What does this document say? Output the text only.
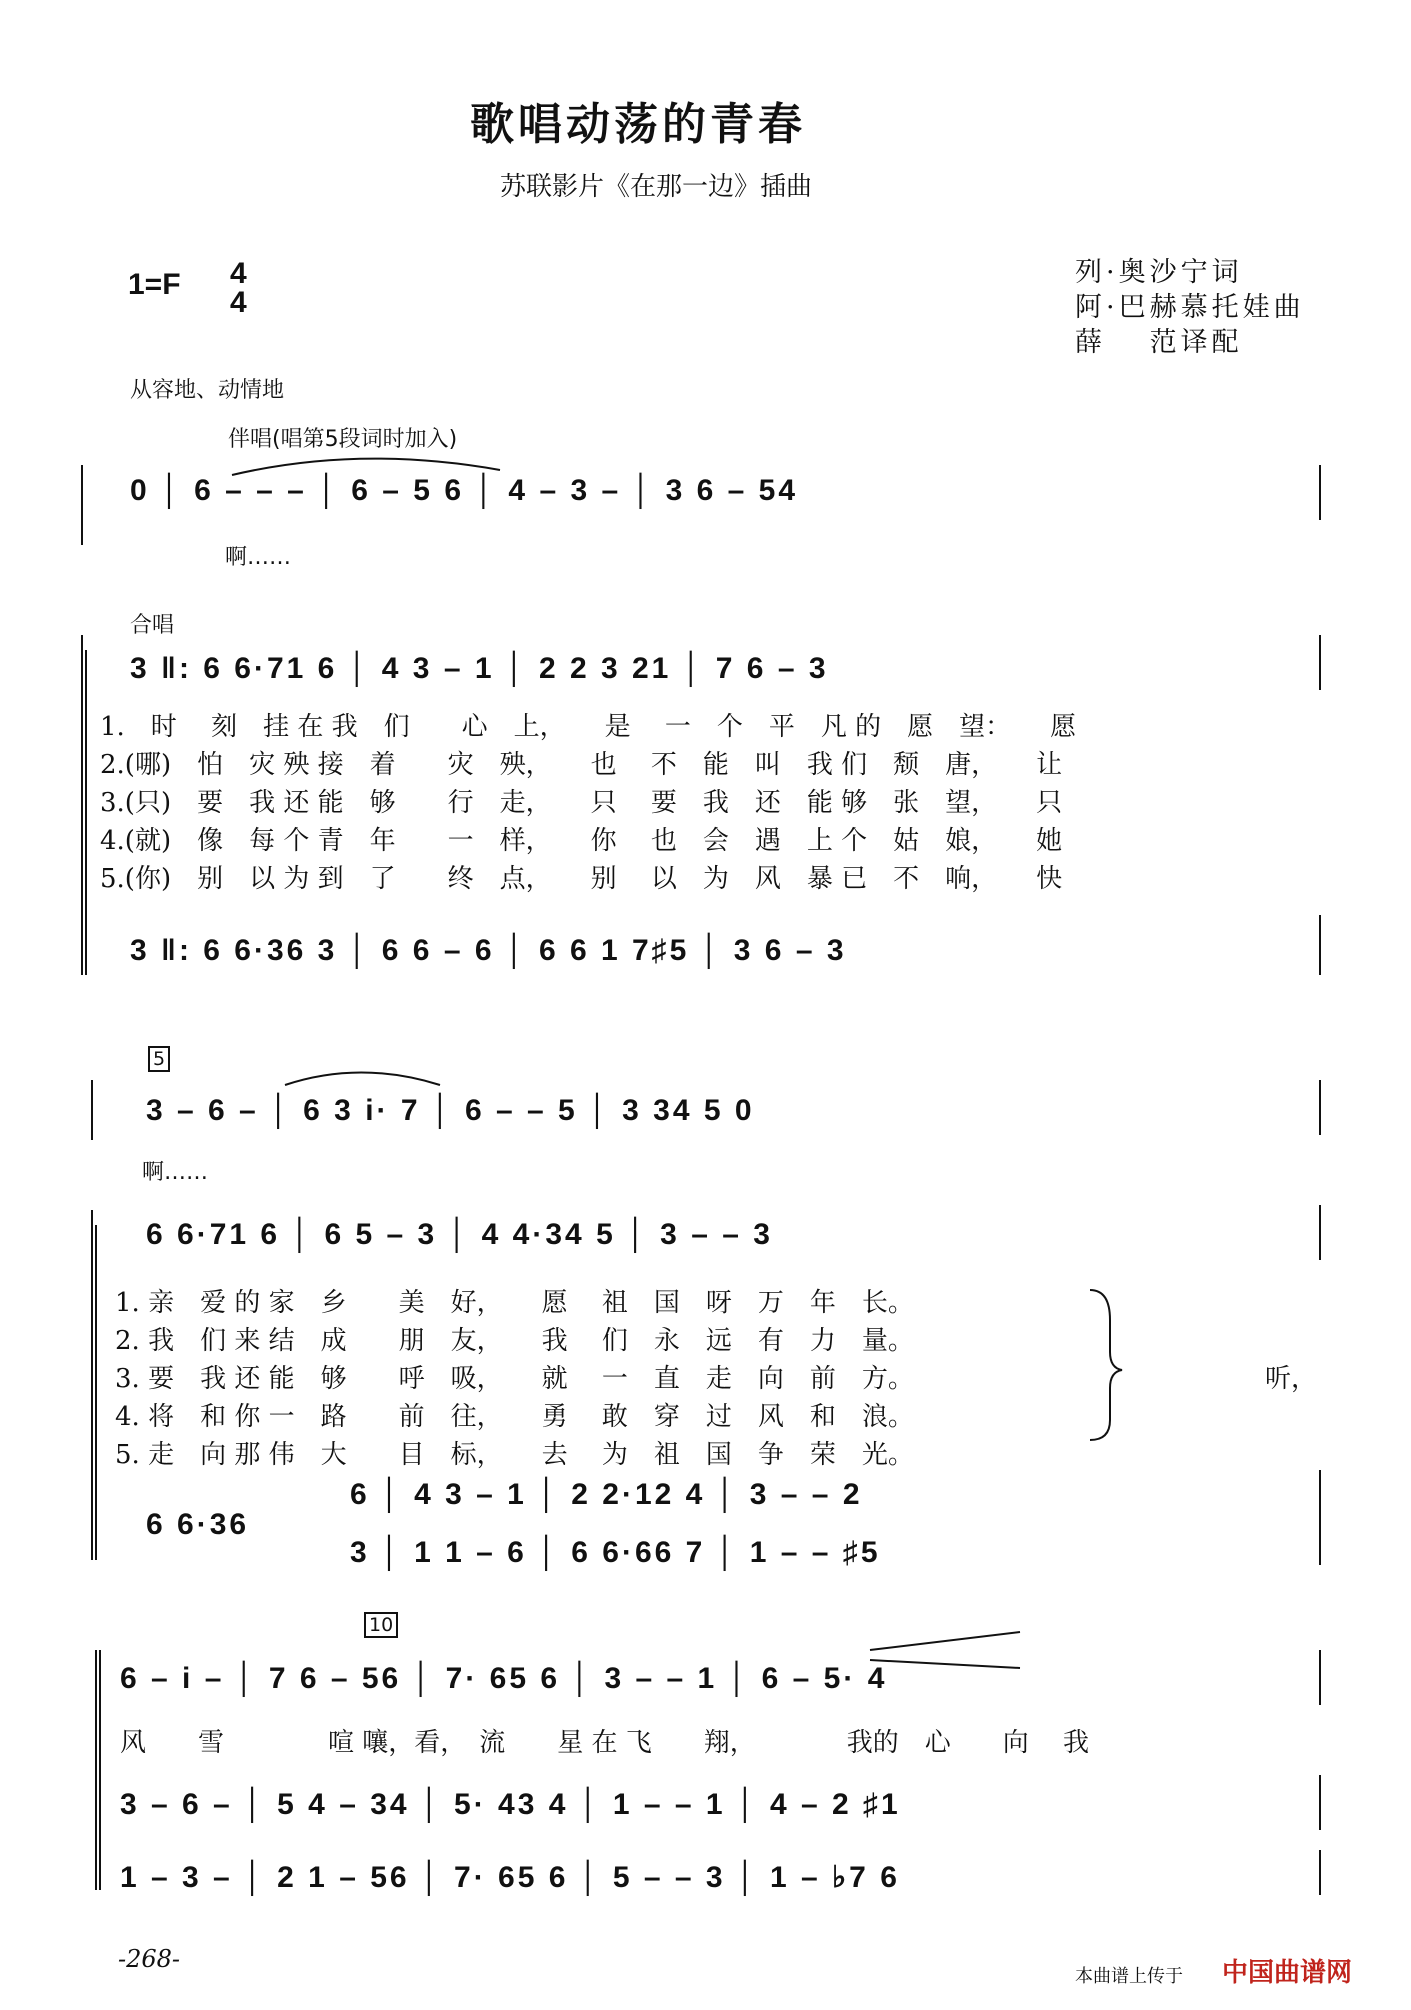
歌唱动荡的青春
苏联影片《在那一边》插曲
1=F 4
4
列·奥沙宁词
阿·巴赫慕托娃曲
薛　 范译配
从容地、动情地
伴唱(唱第5段词时加入)
0 │ 6 – – – │ 6 – 5 6 │ 4 – 3 – │ 3 6 – 54
啊……
合唱
3 ‖: 6 6·71 6 │ 4 3 – 1 │ 2 2 3 21 │ 7 6 – 3
1.　时　 刻　挂 在 我　们　　心　上，　　是　 一　个　平　凡 的　愿　望：　　愿
2.(哪)　怕　灾 殃 接　着　　灾　殃，　　也　 不　能　叫　我 们　颓　唐，　　让
3.(只)　要　我 还 能　够　　行　走，　　只　 要　我　还　能 够　张　望，　　只
4.(就)　像　每 个 青　年　　一　样，　　你　 也　会　遇　上 个　姑　娘，　　她
5.(你)　别　以 为 到　了　　终　点，　　别　 以　为　风　暴 已　不　响，　　快
3 ‖: 6 6·36 3 │ 6 6 – 6 │ 6 6 1 7♯5 │ 3 6 – 3
5
3 – 6 – │ 6 3 i· 7 │ 6 – – 5 │ 3 34 5 0
啊……
6 6·71 6 │ 6 5 – 3 │ 4 4·34 5 │ 3 – – 3
1. 亲　爱 的 家　乡　　美　好，　　愿　 祖　国　呀　万　年　长。
2. 我　们 来 结　成　　朋　友，　　我　 们　永　远　有　力　量。
3. 要　我 还 能　够　　呼　吸，　　就　 一　直　走　向　前　方。
4. 将　和 你 一　路　　前　往，　　勇　 敢　穿　过　风　和　浪。
5. 走　向 那 伟　大　　目　标，　　去　 为　祖　国　争　荣　光。
听，
6 6·36
6 │ 4 3 – 1 │ 2 2·12 4 │ 3 – – 2
3 │ 1 1 – 6 │ 6 6·66 7 │ 1 – – ♯5
10
6 – i – │ 7 6 – 56 │ 7· 65 6 │ 3 – – 1 │ 6 – 5· 4
风　　雪　　　　喧 嚷，看，　流　　星 在 飞　　翔，　　　　我的　心　　向　 我
3 – 6 – │ 5 4 – 34 │ 5· 43 4 │ 1 – – 1 │ 4 – 2 ♯1
1 – 3 – │ 2 1 – 56 │ 7· 65 6 │ 5 – – 3 │ 1 – ♭7 6
-268-
本曲谱上传于 中国曲谱网
